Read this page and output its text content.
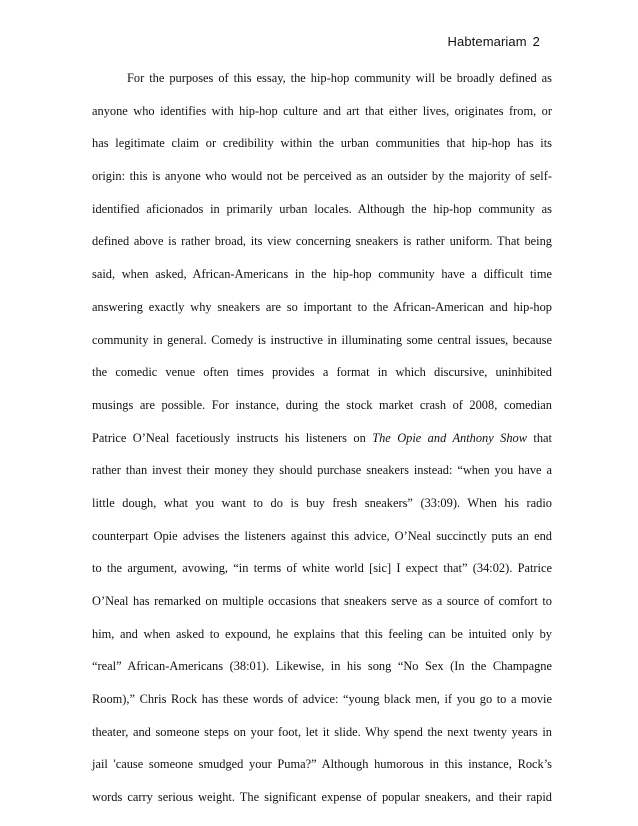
Habtemariam 2
For the purposes of this essay, the hip-hop community will be broadly defined as
anyone who identifies with hip-hop culture and art that either lives, originates from, or
has legitimate claim or credibility within the urban communities that hip-hop has its
origin: this is anyone who would not be perceived as an outsider by the majority of self-
identified aficionados in primarily urban locales. Although the hip-hop community as
defined above is rather broad, its view concerning sneakers is rather uniform. That being
said, when asked, African-Americans in the hip-hop community have a difficult time
answering exactly why sneakers are so important to the African-American and hip-hop
community in general. Comedy is instructive in illuminating some central issues, because
the comedic venue often times provides a format in which discursive, uninhibited
musings are possible. For instance, during the stock market crash of 2008, comedian
Patrice O’Neal facetiously instructs his listeners on The Opie and Anthony Show that
rather than invest their money they should purchase sneakers instead: “when you have a
little dough, what you want to do is buy fresh sneakers” (33:09). When his radio
counterpart Opie advises the listeners against this advice, O’Neal succinctly puts an end
to the argument, avowing, “in terms of white world [sic] I expect that” (34:02). Patrice
O’Neal has remarked on multiple occasions that sneakers serve as a source of comfort to
him, and when asked to expound, he explains that this feeling can be intuited only by
“real” African-Americans (38:01). Likewise, in his song “No Sex (In the Champagne
Room),” Chris Rock has these words of advice: “young black men, if you go to a movie
theater, and someone steps on your foot, let it slide. Why spend the next twenty years in
jail 'cause someone smudged your Puma?” Although humorous in this instance, Rock’s
words carry serious weight. The significant expense of popular sneakers, and their rapid
